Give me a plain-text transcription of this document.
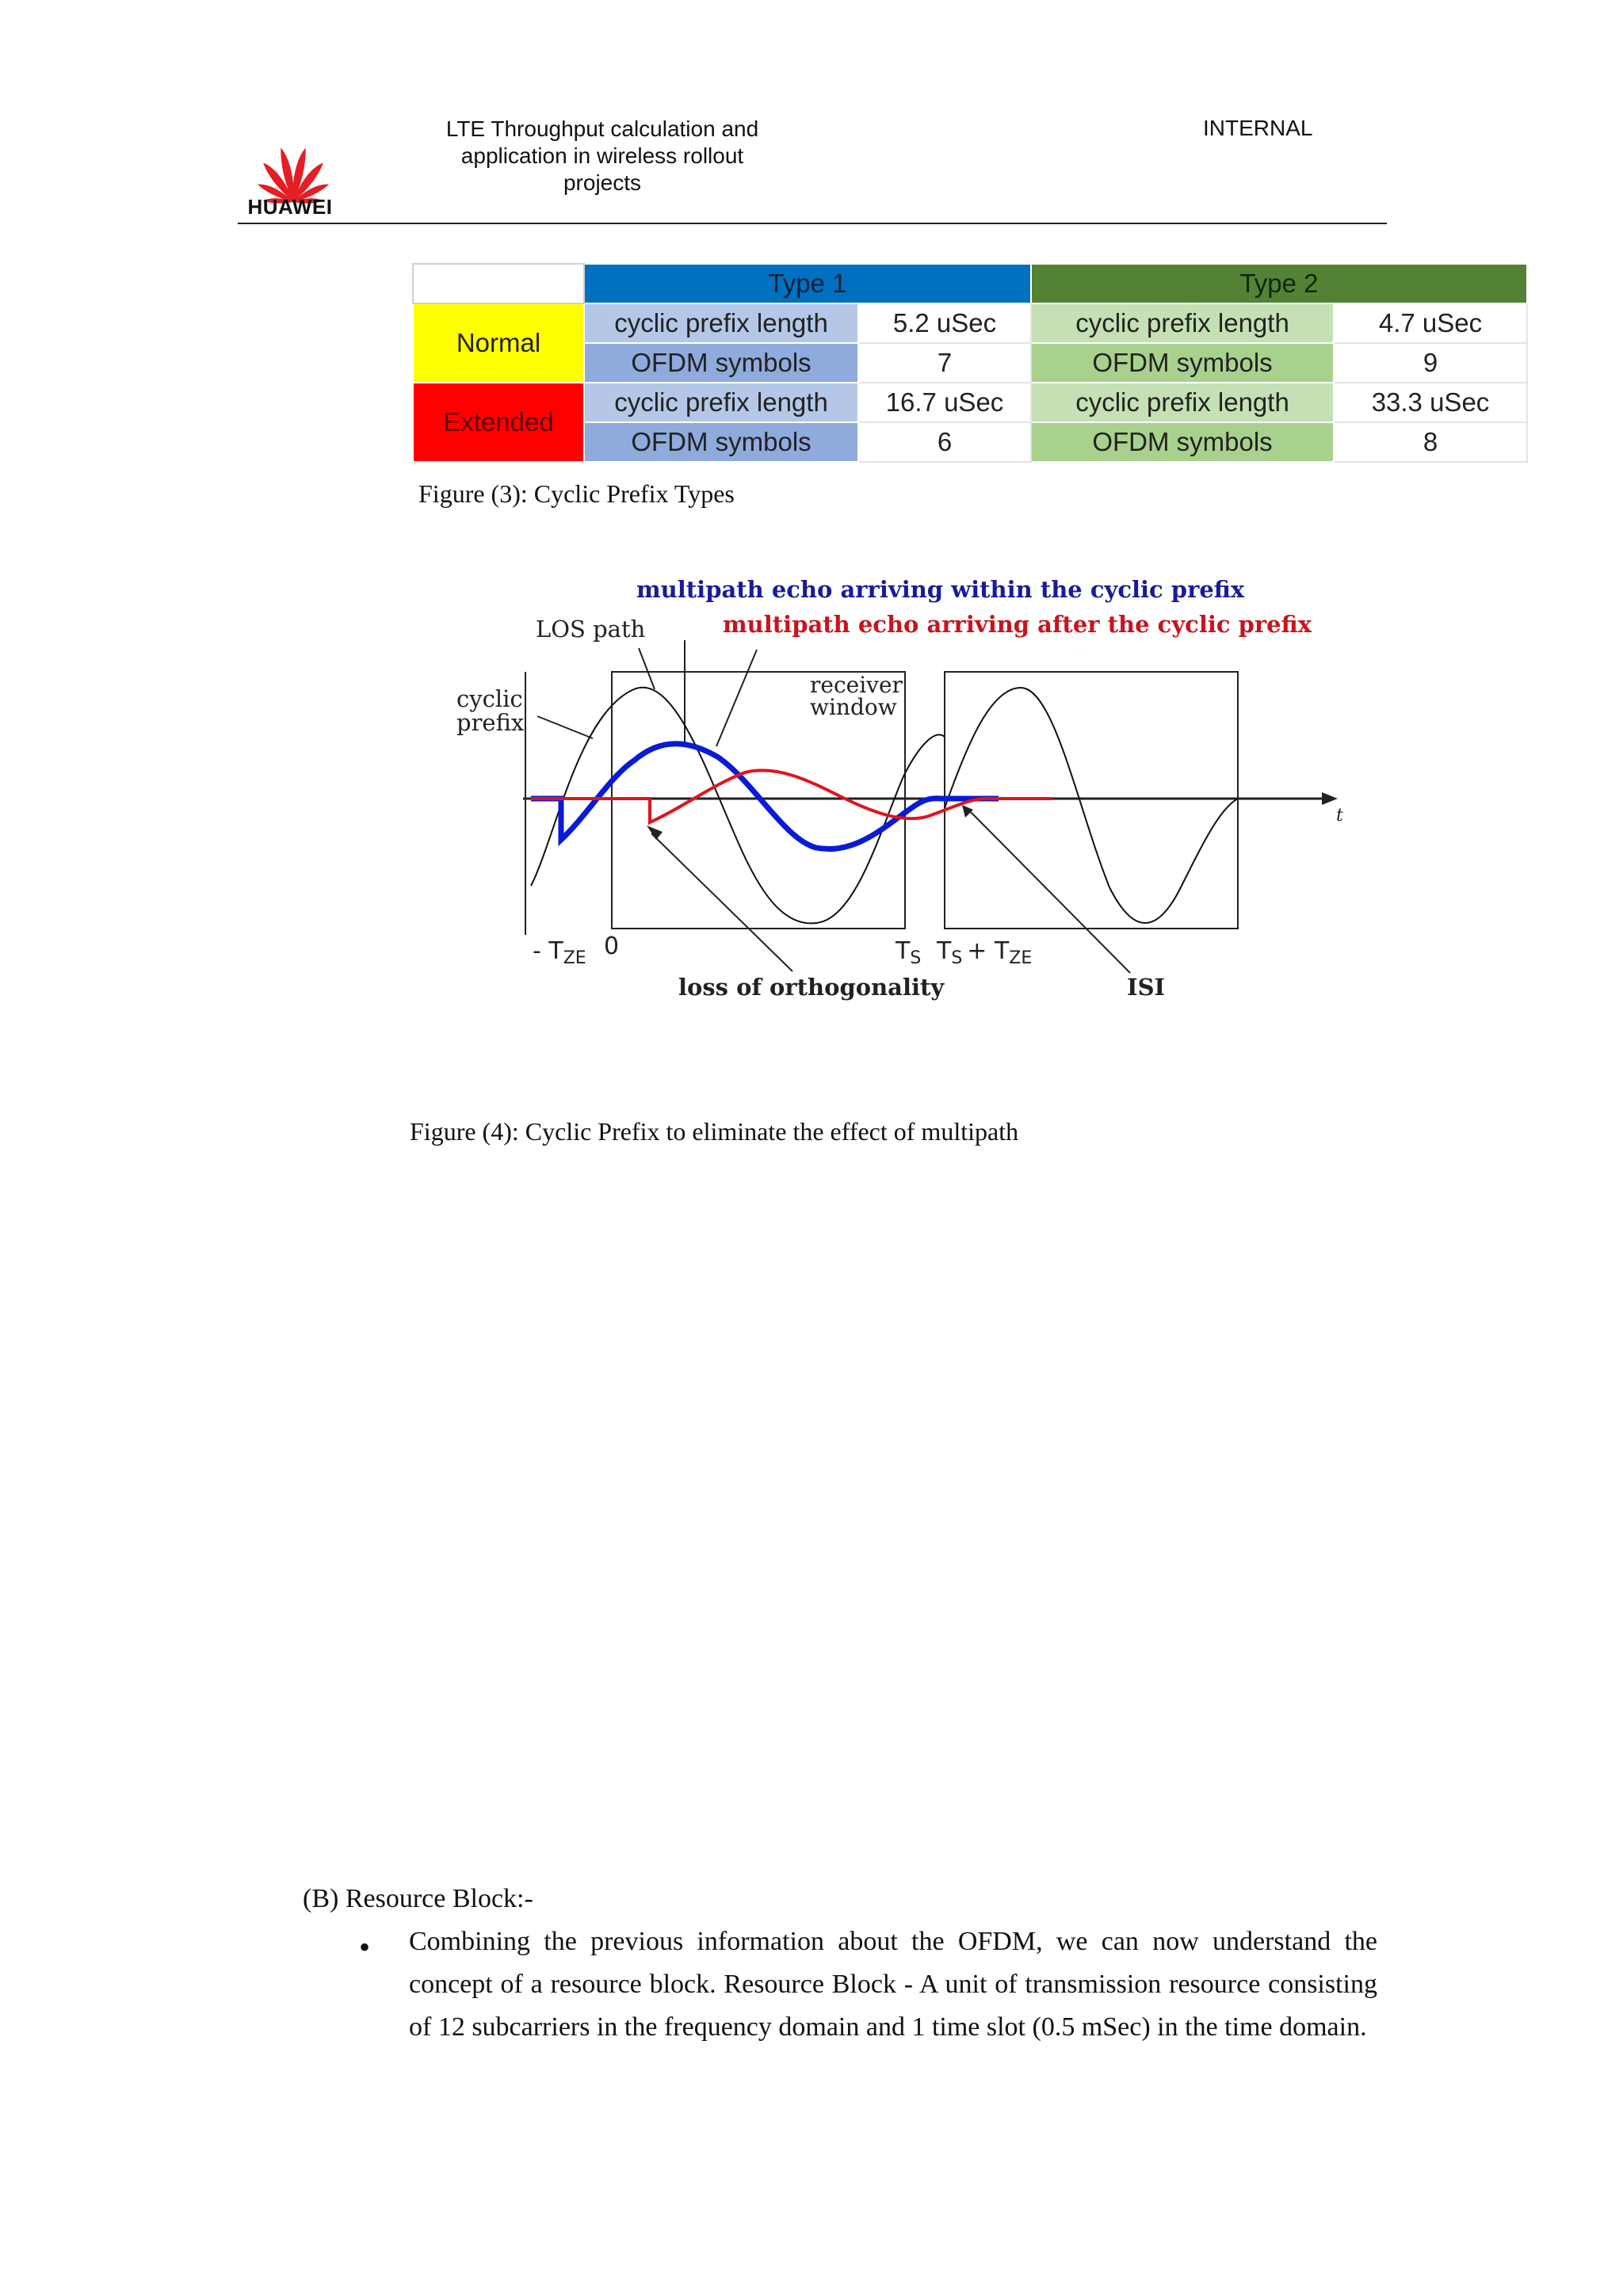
HUAWEI
LTE Throughput calculation and application in wireless rollout projects
INTERNAL
	Type 1		Type 2	
Normal	cyclic prefix length	5.2 uSec	cyclic prefix length	4.7 uSec
	OFDM symbols	7	OFDM symbols	9
Extended	cyclic prefix length	16.7 uSec	cyclic prefix length	33.3 uSec
	OFDM symbols	6	OFDM symbols	8
Figure (3): Cyclic Prefix Types
multipath echo arriving within the cyclic prefix
multipath echo arriving after the cyclic prefix
LOS path
cyclic
prefix
receiver
window
loss of orthogonality	ISI
t
- $T_{ZE}$ 0	$T_S$ $T_S + T_{ZE}$
Figure (4): Cyclic Prefix to eliminate the effect of multipath
(B) Resource Block:-
• Combining the previous information about the OFDM, we can now understand the concept of a resource block. Resource Block - A unit of transmission resource consisting of 12 subcarriers in the frequency domain and 1 time slot (0.5 mSec) in the time domain.
